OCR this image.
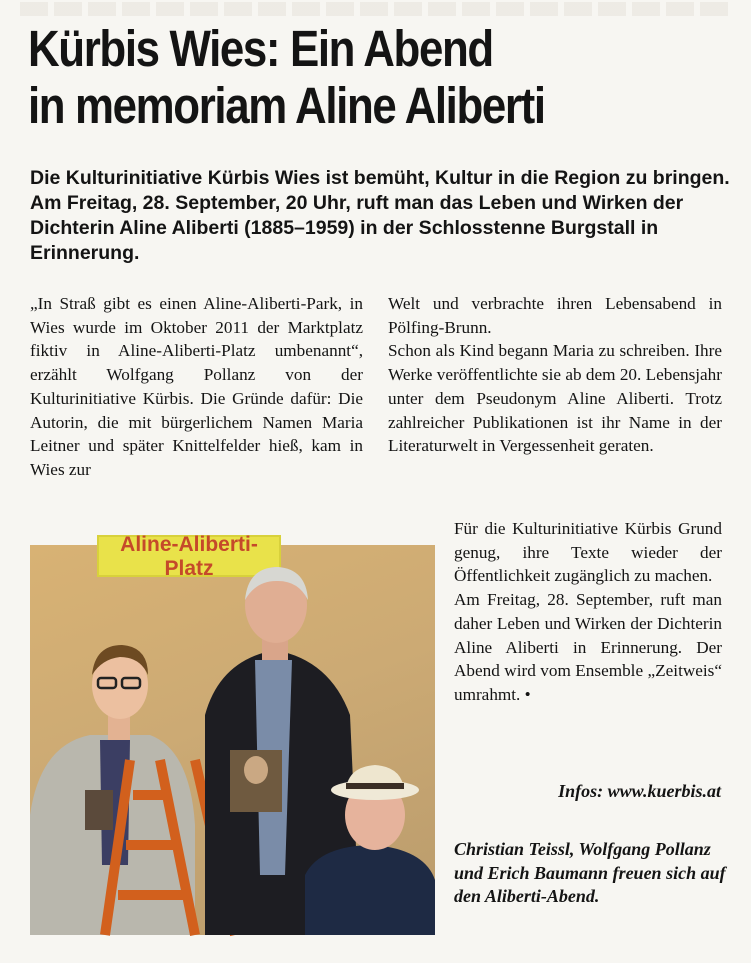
Kürbis Wies: Ein Abend
in memoriam Aline Aliberti

Die Kulturinitiative Kürbis Wies ist bemüht, Kultur in die Region zu bringen. Am Freitag, 28. September, 20 Uhr, ruft man das Leben und Wirken der Dichterin Aline Aliberti (1885–1959) in der Schlosstenne Burgstall in Erinnerung.

„In Straß gibt es einen Aline-Aliberti-Park, in Wies wurde im Oktober 2011 der Marktplatz fiktiv in Aline-Aliberti-Platz umbenannt“, erzählt Wolfgang Pollanz von der Kulturinitiative Kürbis. Die Gründe dafür: Die Autorin, die mit bürgerlichem Namen Maria Leitner und später Knittelfelder hieß, kam in Wies zur

Welt und verbrachte ihren Lebensabend in Pölfing-Brunn.
Schon als Kind begann Maria zu schreiben. Ihre Werke veröffentlichte sie ab dem 20. Lebensjahr unter dem Pseudonym Aline Aliberti. Trotz zahlreicher Publikationen ist ihr Name in der Literaturwelt in Vergessenheit geraten.
Für die Kulturinitiative Kürbis Grund genug, ihre Texte wieder der Öffentlichkeit zugänglich zu machen.
Am Freitag, 28. September, ruft man daher Leben und Wirken der Dichterin Aline Aliberti in Erinnerung. Der Abend wird vom Ensemble „Zeitweis“ umrahmt. •

Infos: www.kuerbis.at

Aline-Aliberti-Platz

Christian Teissl, Wolfgang Pollanz und Erich Baumann freuen sich auf den Aliberti-Abend.
